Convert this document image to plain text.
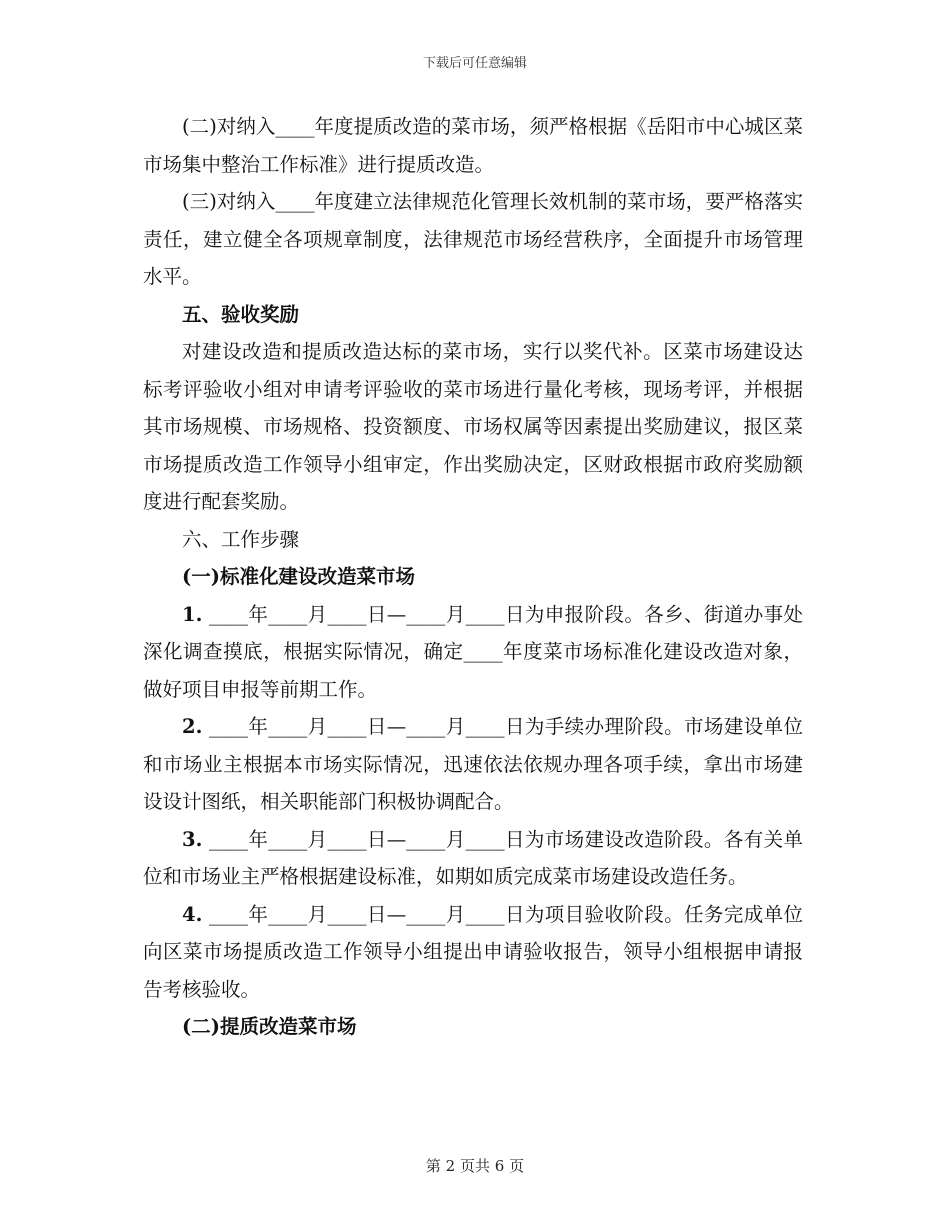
下载后可任意编辑

(二)对纳入____年度提质改造的菜市场，须严格根据《岳阳市中心城区菜市场集中整治工作标准》进行提质改造。

(三)对纳入____年度建立法律规范化管理长效机制的菜市场，要严格落实责任，建立健全各项规章制度，法律规范市场经营秩序，全面提升市场管理水平。

五、验收奖励

对建设改造和提质改造达标的菜市场，实行以奖代补。区菜市场建设达标考评验收小组对申请考评验收的菜市场进行量化考核，现场考评，并根据其市场规模、市场规格、投资额度、市场权属等因素提出奖励建议，报区菜市场提质改造工作领导小组审定，作出奖励决定，区财政根据市政府奖励额度进行配套奖励。

六、工作步骤

(一)标准化建设改造菜市场

1. ____年____月____日—____月____日为申报阶段。各乡、街道办事处深化调查摸底，根据实际情况，确定____年度菜市场标准化建设改造对象，做好项目申报等前期工作。

2. ____年____月____日—____月____日为手续办理阶段。市场建设单位和市场业主根据本市场实际情况，迅速依法依规办理各项手续，拿出市场建设设计图纸，相关职能部门积极协调配合。

3. ____年____月____日—____月____日为市场建设改造阶段。各有关单位和市场业主严格根据建设标准，如期如质完成菜市场建设改造任务。

4. ____年____月____日—____月____日为项目验收阶段。任务完成单位向区菜市场提质改造工作领导小组提出申请验收报告，领导小组根据申请报告考核验收。

(二)提质改造菜市场

第 2 页共 6 页
